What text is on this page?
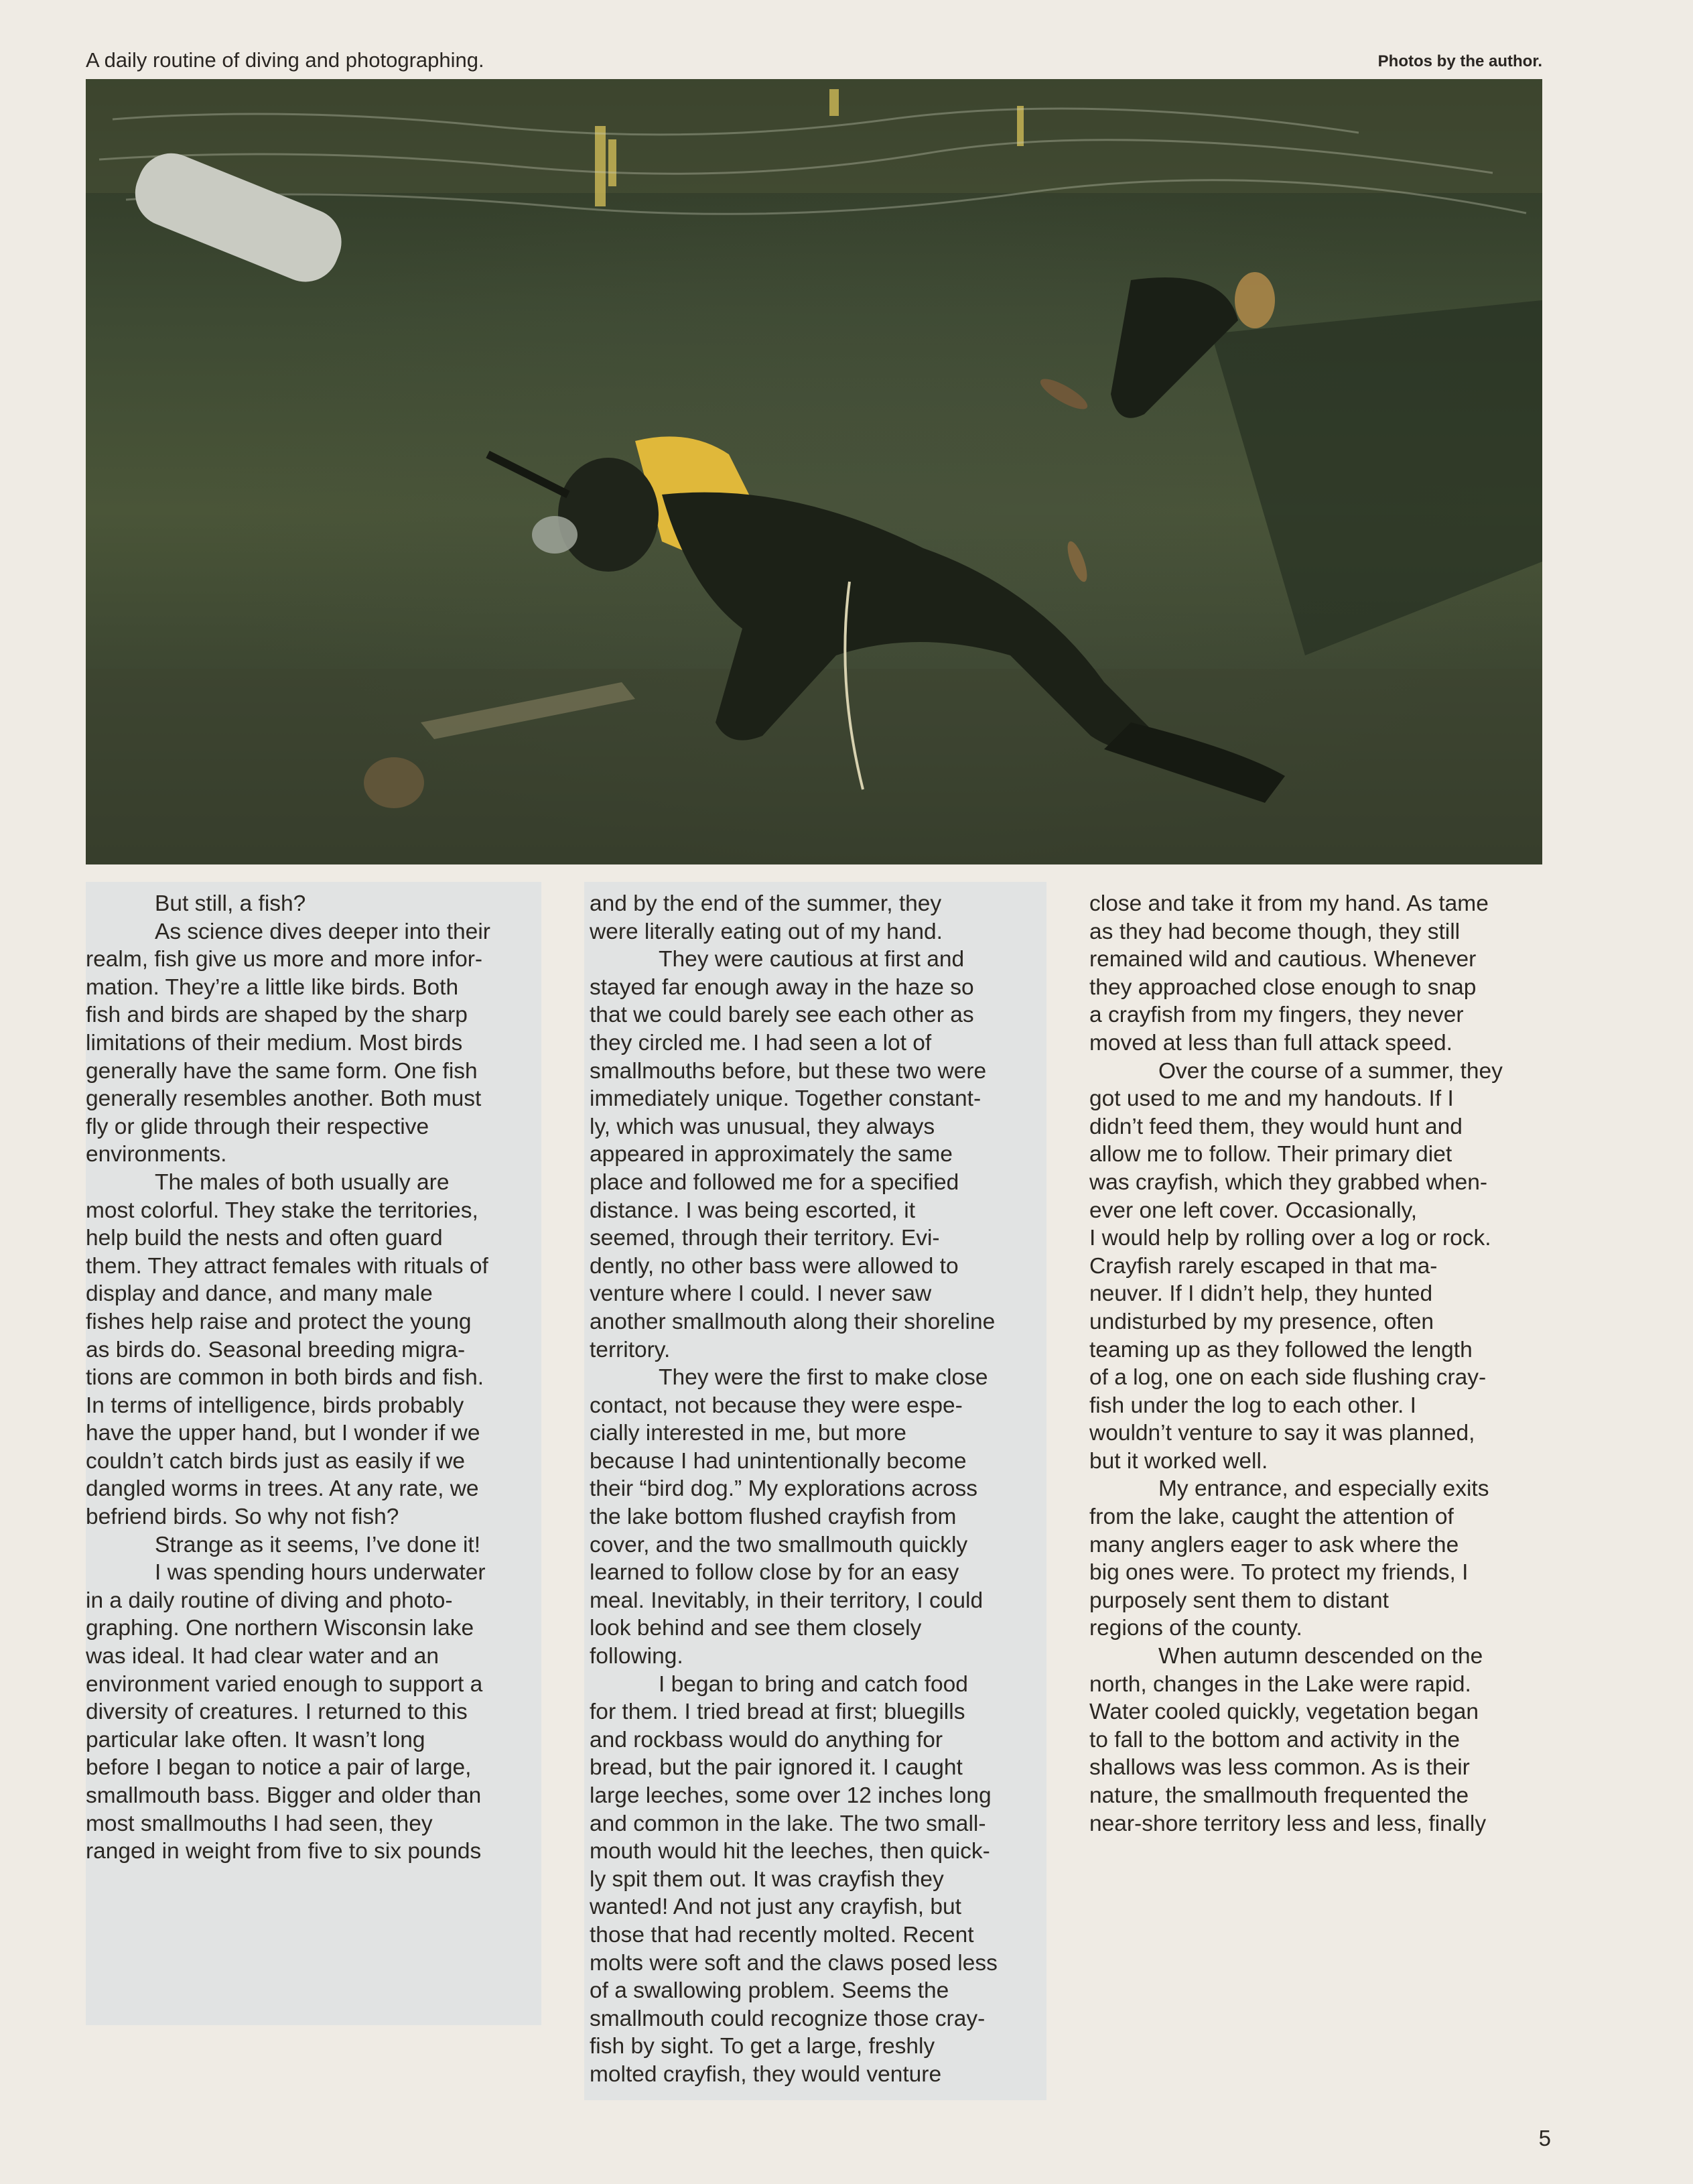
A daily routine of diving and photographing.	Photos by the author.
But still, a fish?
As science dives deeper into their
realm, fish give us more and more infor-
mation. They’re a little like birds. Both
fish and birds are shaped by the sharp
limitations of their medium. Most birds
generally have the same form. One fish
generally resembles another. Both must
fly or glide through their respective
environments.
The males of both usually are
most colorful. They stake the territories,
help build the nests and often guard
them. They attract females with rituals of
display and dance, and many male
fishes help raise and protect the young
as birds do. Seasonal breeding migra-
tions are common in both birds and fish.
In terms of intelligence, birds probably
have the upper hand, but I wonder if we
couldn’t catch birds just as easily if we
dangled worms in trees. At any rate, we
befriend birds. So why not fish?
Strange as it seems, I’ve done it!
I was spending hours underwater
in a daily routine of diving and photo-
graphing. One northern Wisconsin lake
was ideal. It had clear water and an
environment varied enough to support a
diversity of creatures. I returned to this
particular lake often. It wasn’t long
before I began to notice a pair of large,
smallmouth bass. Bigger and older than
most smallmouths I had seen, they
ranged in weight from five to six pounds
and by the end of the summer, they
were literally eating out of my hand.
They were cautious at first and
stayed far enough away in the haze so
that we could barely see each other as
they circled me. I had seen a lot of
smallmouths before, but these two were
immediately unique. Together constant-
ly, which was unusual, they always
appeared in approximately the same
place and followed me for a specified
distance. I was being escorted, it
seemed, through their territory. Evi-
dently, no other bass were allowed to
venture where I could. I never saw
another smallmouth along their shoreline
territory.
They were the first to make close
contact, not because they were espe-
cially interested in me, but more
because I had unintentionally become
their “bird dog.” My explorations across
the lake bottom flushed crayfish from
cover, and the two smallmouth quickly
learned to follow close by for an easy
meal. Inevitably, in their territory, I could
look behind and see them closely
following.
I began to bring and catch food
for them. I tried bread at first; bluegills
and rockbass would do anything for
bread, but the pair ignored it. I caught
large leeches, some over 12 inches long
and common in the lake. The two small-
mouth would hit the leeches, then quick-
ly spit them out. It was crayfish they
wanted! And not just any crayfish, but
those that had recently molted. Recent
molts were soft and the claws posed less
of a swallowing problem. Seems the
smallmouth could recognize those cray-
fish by sight. To get a large, freshly
molted crayfish, they would venture
close and take it from my hand. As tame
as they had become though, they still
remained wild and cautious. Whenever
they approached close enough to snap
a crayfish from my fingers, they never
moved at less than full attack speed.
Over the course of a summer, they
got used to me and my handouts. If I
didn’t feed them, they would hunt and
allow me to follow. Their primary diet
was crayfish, which they grabbed when-
ever one left cover. Occasionally,
I would help by rolling over a log or rock.
Crayfish rarely escaped in that ma-
neuver. If I didn’t help, they hunted
undisturbed by my presence, often
teaming up as they followed the length
of a log, one on each side flushing cray-
fish under the log to each other. I
wouldn’t venture to say it was planned,
but it worked well.
My entrance, and especially exits
from the lake, caught the attention of
many anglers eager to ask where the
big ones were. To protect my friends, I
purposely sent them to distant
regions of the county.
When autumn descended on the
north, changes in the Lake were rapid.
Water cooled quickly, vegetation began
to fall to the bottom and activity in the
shallows was less common. As is their
nature, the smallmouth frequented the
near-shore territory less and less, finally
5
